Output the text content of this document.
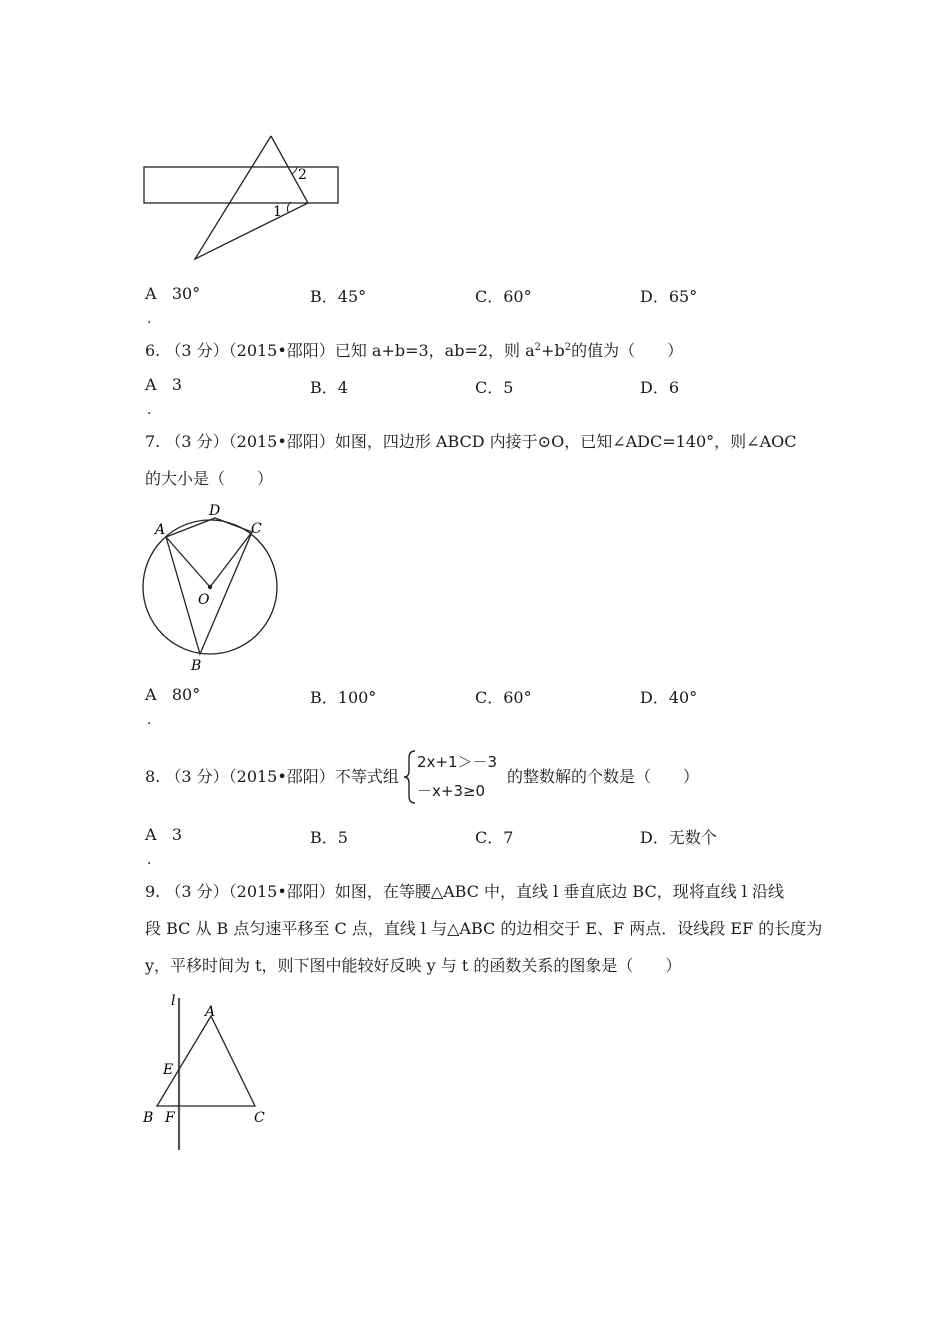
2
1
A 30°	B．45°	C．60°	D．65°
.
6. （3 分）（2015•邵阳）已知 a+b=3，ab=2，则 $a^2+b^2$的值为（　　）
A 3	B．4	C．5	D．6
.
7. （3 分）（2015•邵阳）如图，四边形 ABCD 内接于⊙O，已知∠ADC=140°，则∠AOC
的大小是（　　）
A
D
C
O
B
A 80°	B．100°	C．60°	D．40°
.
8. （3 分）（2015•邵阳）不等式组
2x+1＞－3
－x+3≥0
的整数解的个数是（　　）
A 3	B．5	C．7	D．无数个
.
9. （3 分）（2015•邵阳）如图，在等腰△ABC 中，直线 l 垂直底边 BC，现将直线 l 沿线
段 BC 从 B 点匀速平移至 C 点，直线 l 与△ABC 的边相交于 E、F 两点．设线段 EF 的长度为
y，平移时间为 t，则下图中能较好反映 y 与 t 的函数关系的图象是（　　）
l
A
E
B F	C
